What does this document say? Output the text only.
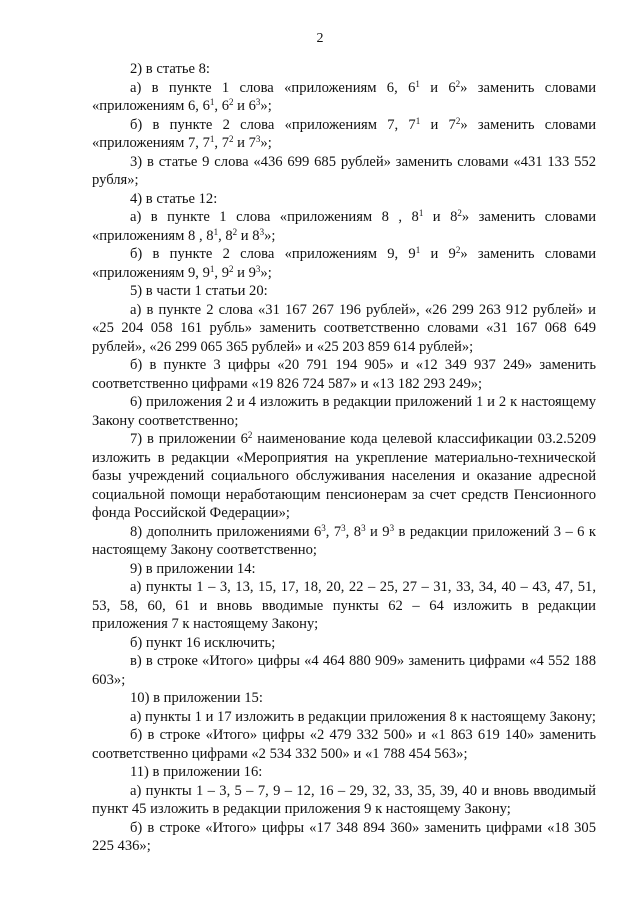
2

2) в статье 8:

а) в пункте 1 слова «приложениям 6, $6^1$ и $6^2$» заменить словами «приложениям 6, $6^1$, $6^2$ и $6^3$»;

б) в пункте 2 слова «приложениям 7, $7^1$ и $7^2$» заменить словами «приложениям 7, $7^1$, $7^2$ и $7^3$»;

3) в статье 9 слова «436 699 685 рублей» заменить словами «431 133 552 рубля»;

4) в статье 12:

а) в пункте 1 слова «приложениям 8 , $8^1$ и $8^2$» заменить словами «приложениям 8 , $8^1$, $8^2$ и $8^3$»;

б) в пункте 2 слова «приложениям 9, $9^1$ и $9^2$» заменить словами «приложениям 9, $9^1$, $9^2$ и $9^3$»;

5) в части 1 статьи 20:

а) в пункте 2 слова «31 167 267 196 рублей», «26 299 263 912 рублей» и «25 204 058 161 рубль» заменить соответственно словами «31 167 068 649 рублей», «26 299 065 365 рублей» и «25 203 859 614 рублей»;

б) в пункте 3 цифры «20 791 194 905» и «12 349 937 249» заменить соответственно цифрами «19 826 724 587» и «13 182 293 249»;

6) приложения 2 и 4 изложить в редакции приложений 1 и 2 к настоящему Закону соответственно;

7) в приложении $6^2$ наименование кода целевой классификации 03.2.5209 изложить в редакции «Мероприятия на укрепление материально-технической базы учреждений социального обслуживания населения и оказание адресной социальной помощи неработающим пенсионерам за счет средств Пенсионного фонда Российской Федерации»;

8) дополнить приложениями $6^3$, $7^3$, $8^3$ и $9^3$ в редакции приложений 3 – 6 к настоящему Закону соответственно;

9) в приложении 14:

а) пункты 1 – 3, 13, 15, 17, 18, 20, 22 – 25, 27 – 31, 33, 34, 40 – 43, 47, 51, 53, 58, 60, 61 и вновь вводимые пункты 62 – 64 изложить в редакции приложения 7 к настоящему Закону;

б) пункт 16 исключить;

в) в строке «Итого» цифры «4 464 880 909» заменить цифрами «4 552 188 603»;

10) в приложении 15:

а) пункты 1 и 17 изложить в редакции приложения 8 к настоящему Закону;

б) в строке «Итого» цифры «2 479 332 500» и «1 863 619 140» заменить соответственно цифрами «2 534 332 500» и «1 788 454 563»;

11) в приложении 16:

а) пункты 1 – 3, 5 – 7, 9 – 12, 16 – 29, 32, 33, 35, 39, 40 и вновь вводимый пункт 45 изложить в редакции приложения 9 к настоящему Закону;

б) в строке «Итого» цифры «17 348 894 360» заменить цифрами «18 305 225 436»;
